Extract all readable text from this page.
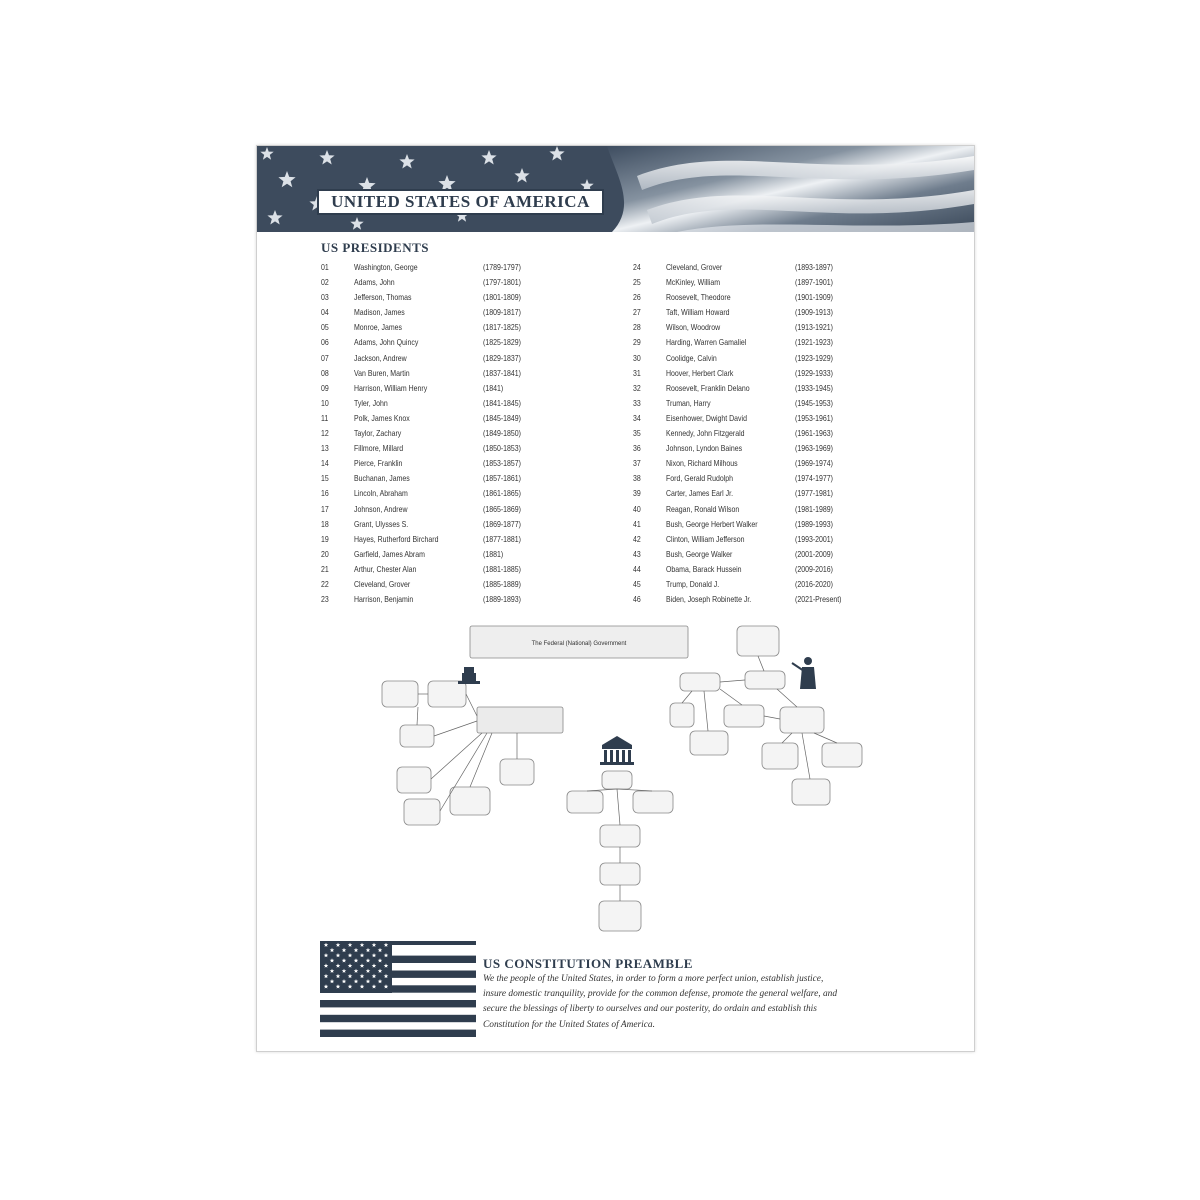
UNITED STATES OF AMERICA
US PRESIDENTS
01	Washington, George	(1789-1797)
02	Adams, John	(1797-1801)
03	Jefferson, Thomas	(1801-1809)
04	Madison, James	(1809-1817)
05	Monroe, James	(1817-1825)
06	Adams, John Quincy	(1825-1829)
07	Jackson, Andrew	(1829-1837)
08	Van Buren, Martin	(1837-1841)
09	Harrison, William Henry	(1841)
10	Tyler, John	(1841-1845)
11	Polk, James Knox	(1845-1849)
12	Taylor, Zachary	(1849-1850)
13	Fillmore, Millard	(1850-1853)
14	Pierce, Franklin	(1853-1857)
15	Buchanan, James	(1857-1861)
16	Lincoln, Abraham	(1861-1865)
17	Johnson, Andrew	(1865-1869)
18	Grant, Ulysses S.	(1869-1877)
19	Hayes, Rutherford Birchard	(1877-1881)
20	Garfield, James Abram	(1881)
21	Arthur, Chester Alan	(1881-1885)
22	Cleveland, Grover	(1885-1889)
23	Harrison, Benjamin	(1889-1893)
24	Cleveland, Grover	(1893-1897)
25	McKinley, William	(1897-1901)
26	Roosevelt, Theodore	(1901-1909)
27	Taft, William Howard	(1909-1913)
28	Wilson, Woodrow	(1913-1921)
29	Harding, Warren Gamaliel	(1921-1923)
30	Coolidge, Calvin	(1923-1929)
31	Hoover, Herbert Clark	(1929-1933)
32	Roosevelt, Franklin Delano	(1933-1945)
33	Truman, Harry	(1945-1953)
34	Eisenhower, Dwight David	(1953-1961)
35	Kennedy, John Fitzgerald	(1961-1963)
36	Johnson, Lyndon Baines	(1963-1969)
37	Nixon, Richard Milhous	(1969-1974)
38	Ford, Gerald Rudolph	(1974-1977)
39	Carter, James Earl Jr.	(1977-1981)
40	Reagan, Ronald Wilson	(1981-1989)
41	Bush, George Herbert Walker	(1989-1993)
42	Clinton, William Jefferson	(1993-2001)
43	Bush, George Walker	(2001-2009)
44	Obama, Barack Hussein	(2009-2016)
45	Trump, Donald J.	(2016-2020)
46	Biden, Joseph Robinette Jr.	(2021-Present)
The Federal (National) Government
US CONSTITUTION PREAMBLE
We the people of the United States, in order to form a more perfect union, establish justice, insure domestic tranquility, provide for the common defense, promote the general welfare, and secure the blessings of liberty to ourselves and our posterity, do ordain and establish this Constitution for the United States of America.
